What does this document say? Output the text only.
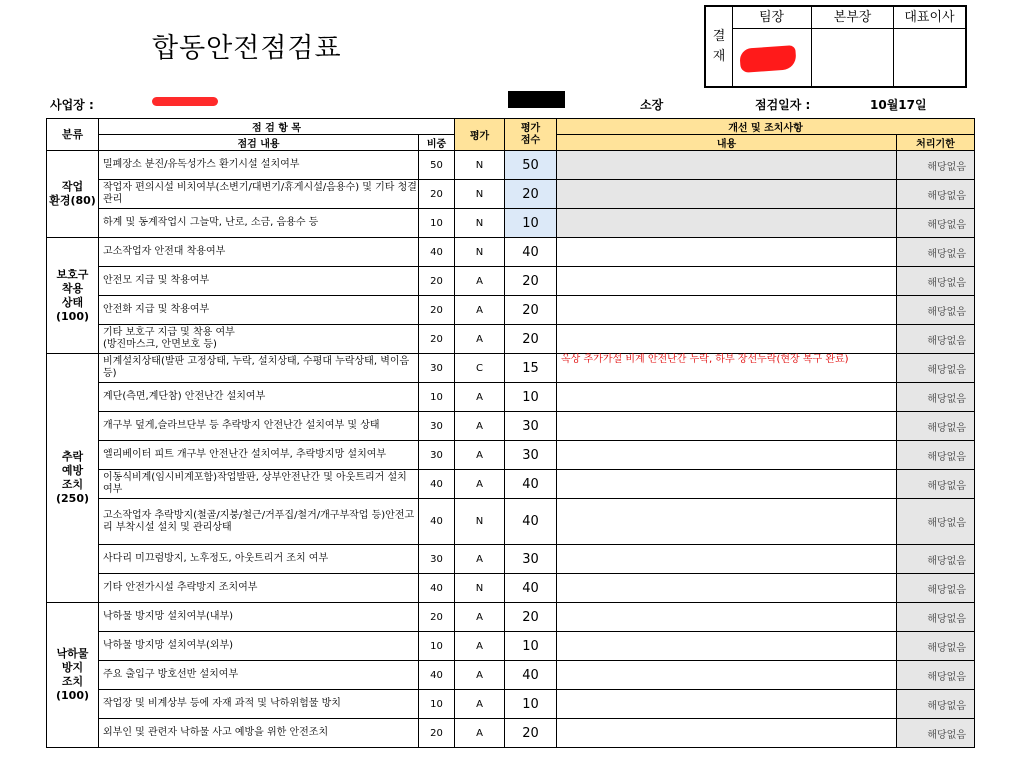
합동안전점검표	결
재
팀장	본부장	대표이사
사업장 :	소장	점검일자 :	10월17일
분류	점 검 항 목		평가	평가
점수	개선 및 조치사항	
	점검 내용	비중			내용	처리기한
작업
환경(80)	밀폐장소 분진/유독성가스 환기시설 설치여부	50	N	50		해당없음
	작업자 편의시설 비치여부(소변기/대변기/휴게시설/음용수) 및 기타 청결관리	20	N	20		해당없음
	하계 및 동계작업시 그늘막, 난로, 소금, 음용수 등	10	N	10		해당없음
보호구
착용
상태
(100)	고소작업자 안전대 착용여부	40	N	40		해당없음
	안전모 지급 및 착용여부	20	A	20		해당없음
	안전화 지급 및 착용여부	20	A	20		해당없음
	기타 보호구 지급 및 착용 여부
(방진마스크, 안면보호 등)	20	A	20		해당없음
추락
예방
조치
(250)	비계설치상태(발판 고정상태, 누락, 설치상태, 수평대 누락상태, 벽이음 등)	30	C	15	옥상 추가가설 비계 안전난간 누락, 하부 장선누락(현장 복구 완료)	해당없음
	계단(측면,계단참) 안전난간 설치여부	10	A	10		해당없음
	개구부 덮게,슬라브단부 등 추락방지 안전난간 설치여부 및 상태	30	A	30		해당없음
	엘리베이터 피트 개구부 안전난간 설치여부, 추락방지망 설치여부	30	A	30		해당없음
	이동식비계(임시비계포함)작업발판, 상부안전난간 및 아웃트리거 설치 여부	40	A	40		해당없음
	고소작업자 추락방지(철골/지붕/철근/거푸집/철거/개구부작업 등)안전고리 부착시설 설치 및 관리상태	40	N	40		해당없음
	사다리 미끄럼방지, 노후정도, 아웃트리거 조치 여부	30	A	30		해당없음
	기타 안전가시설 추락방지 조치여부	40	N	40		해당없음
낙하물
방지
조치
(100)	낙하물 방지망 설치여부(내부)	20	A	20		해당없음
	낙하물 방지망 설치여부(외부)	10	A	10		해당없음
	주요 출입구 방호선반 설치여부	40	A	40		해당없음
	작업장 및 비계상부 등에 자재 과적 및 낙하위험물 방치	10	A	10		해당없음
	외부인 및 관련자 낙하물 사고 예방을 위한 안전조치	20	A	20		해당없음
